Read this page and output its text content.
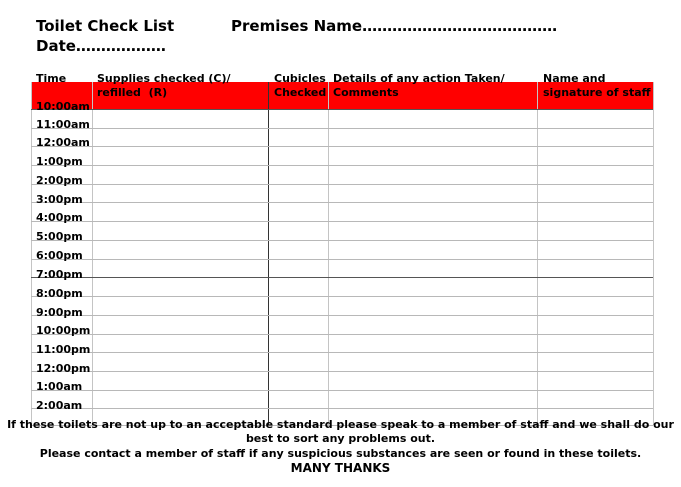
Toilet Check List	Premises Name…………………………………
Date………………
Time	Supplies checked (C)/
refilled  (R)
Cubicles
Checked
Details of any action Taken/
Comments
Name and
signature of staff
10:00am
11:00am
12:00am
1:00pm
2:00pm
3:00pm
4:00pm
5:00pm
6:00pm
7:00pm
8:00pm
9:00pm
10:00pm
11:00pm
12:00pm
1:00am
2:00am
If these toilets are not up to an acceptable standard please speak to a member of staff and we shall do our
best to sort any problems out.
Please contact a member of staff if any suspicious substances are seen or found in these toilets.
MANY THANKS
